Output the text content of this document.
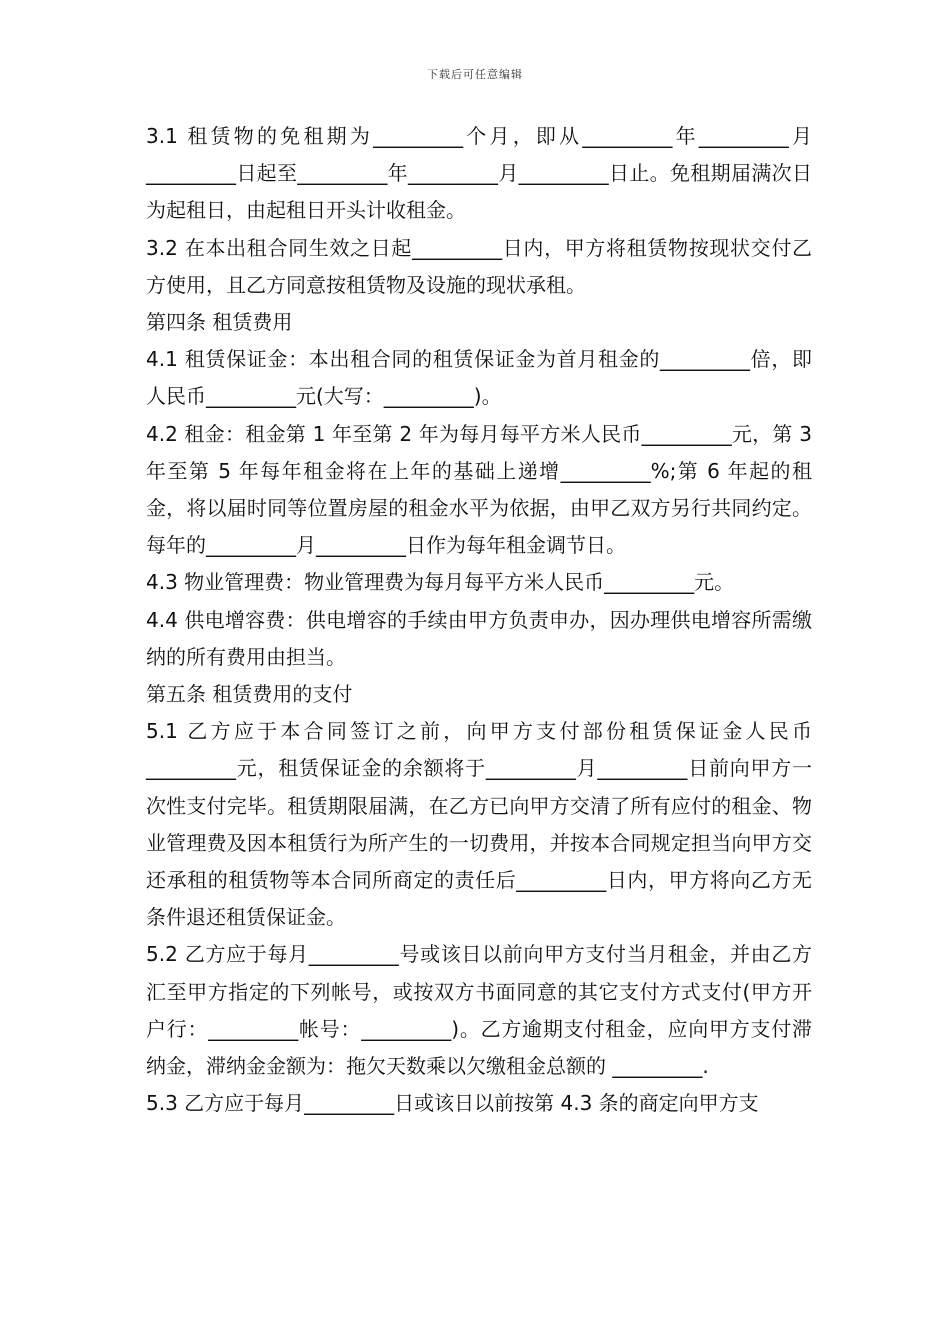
下载后可任意编辑

3.1 租赁物的免租期为_________个月，即从_________年_________月_________日起至_________年_________月_________日止。免租期届满次日为起租日，由起租日开头计收租金。

3.2 在本出租合同生效之日起_________日内，甲方将租赁物按现状交付乙方使用，且乙方同意按租赁物及设施的现状承租。

第四条 租赁费用

4.1 租赁保证金：本出租合同的租赁保证金为首月租金的_________倍，即人民币_________元(大写：_________)。

4.2 租金：租金第 1 年至第 2 年为每月每平方米人民币_________元，第 3 年至第 5 年每年租金将在上年的基础上递增_________%;第 6 年起的租金，将以届时同等位置房屋的租金水平为依据，由甲乙双方另行共同约定。每年的_________月_________日作为每年租金调节日。

4.3 物业管理费：物业管理费为每月每平方米人民币_________元。

4.4 供电增容费：供电增容的手续由甲方负责申办，因办理供电增容所需缴纳的所有费用由担当。

第五条 租赁费用的支付

5.1 乙方应于本合同签订之前，向甲方支付部份租赁保证金人民币_________元，租赁保证金的余额将于_________月_________日前向甲方一次性支付完毕。租赁期限届满，在乙方已向甲方交清了所有应付的租金、物业管理费及因本租赁行为所产生的一切费用，并按本合同规定担当向甲方交还承租的租赁物等本合同所商定的责任后_________日内，甲方将向乙方无条件退还租赁保证金。

5.2 乙方应于每月_________号或该日以前向甲方支付当月租金，并由乙方汇至甲方指定的下列帐号，或按双方书面同意的其它支付方式支付(甲方开户行：_________帐号：_________)。乙方逾期支付租金，应向甲方支付滞纳金，滞纳金金额为：拖欠天数乘以欠缴租金总额的 _________.

5.3 乙方应于每月_________日或该日以前按第 4.3 条的商定向甲方支
